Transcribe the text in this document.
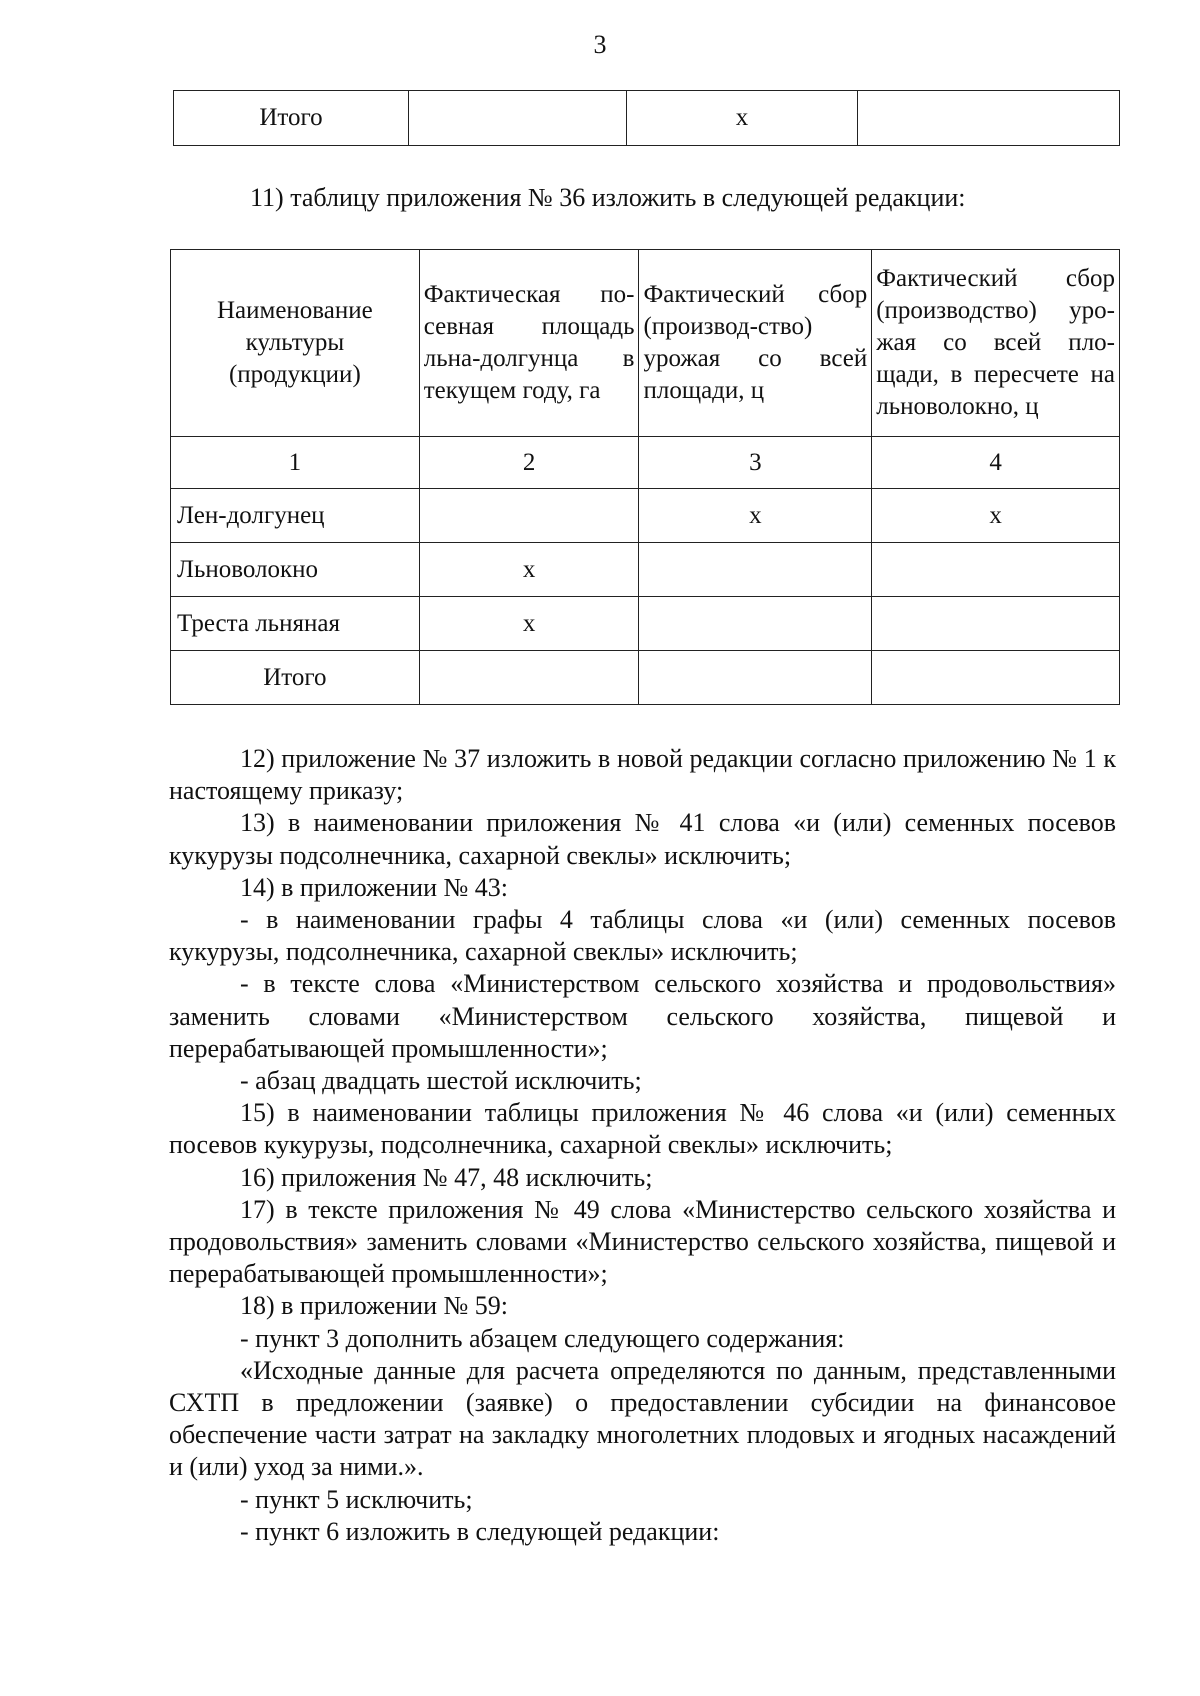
3
Итого		х	
11) таблицу приложения № 36 изложить в следующей редакции:
Наименование культуры (продукции)	Фактическая по-севная площадь льна-долгунца в текущем году, га	Фактический сбор (производ-ство) урожая со всей площади, ц	Фактический сбор (производство) уро-жая со всей пло-щади, в пересчете на льноволокно, ц
1	2	3	4
Лен-долгунец		х	х
Льноволокно	х		
Треста льняная	х		
Итого			

12) приложение № 37 изложить в новой редакции согласно приложению № 1 к настоящему приказу;

13) в наименовании приложения № 41 слова «и (или) семенных посевов кукурузы подсолнечника, сахарной свеклы» исключить;

14) в приложении № 43:

- в наименовании графы 4 таблицы слова «и (или) семенных посевов кукурузы, подсолнечника, сахарной свеклы» исключить;

- в тексте слова «Министерством сельского хозяйства и продовольствия» заменить словами «Министерством сельского хозяйства, пищевой и перерабатывающей промышленности»;

- абзац двадцать шестой исключить;

15) в наименовании таблицы приложения № 46 слова «и (или) семенных посевов кукурузы, подсолнечника, сахарной свеклы» исключить;

16) приложения № 47, 48 исключить;

17) в тексте приложения № 49 слова «Министерство сельского хозяйства и продовольствия» заменить словами «Министерство сельского хозяйства, пищевой и перерабатывающей промышленности»;

18) в приложении № 59:

- пункт 3 дополнить абзацем следующего содержания:

«Исходные данные для расчета определяются по данным, представленными СХТП в предложении (заявке) о предоставлении субсидии на финансовое обеспечение части затрат на закладку многолетних плодовых и ягодных насаждений и (или) уход за ними.».

- пункт 5 исключить;

- пункт 6 изложить в следующей редакции:
